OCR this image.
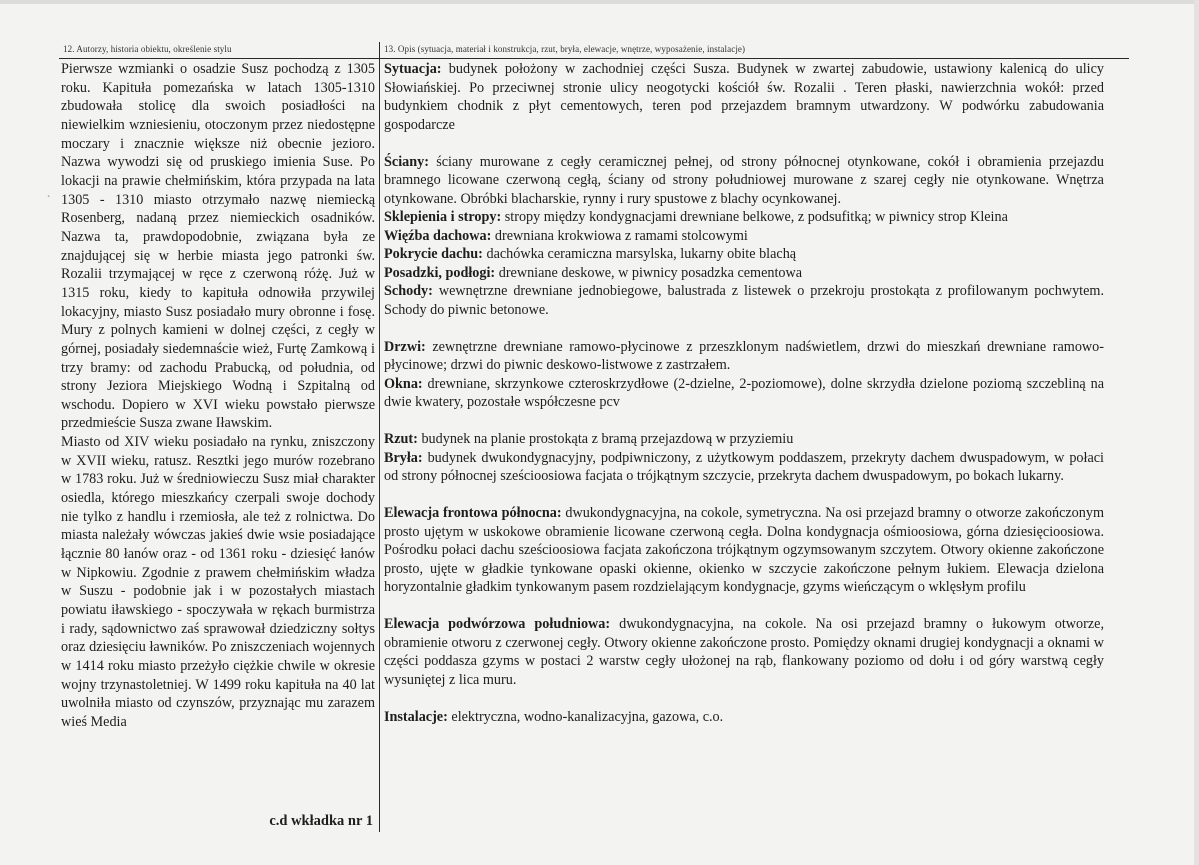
`
12. Autorzy, historia obiektu, określenie stylu	13. Opis (sytuacja, materiał i konstrukcja, rzut, bryła, elewacje, wnętrze, wyposażenie, instalacje)

Pierwsze wzmianki o osadzie Susz pochodzą z 1305 roku. Kapituła pomezańska w latach 1305-1310 zbudowała stolicę dla swoich posiadłości na niewielkim wzniesieniu, otoczonym przez niedostępne moczary i znacznie większe niż obecnie jezioro. Nazwa wywodzi się od pruskiego imienia Suse. Po lokacji na prawie chełmińskim, która przypada na lata 1305 - 1310 miasto otrzymało nazwę niemiecką Rosenberg, nadaną przez niemieckich osadników. Nazwa ta, prawdopodobnie, związana była ze znajdującej się w herbie miasta jego patronki św. Rozalii trzymającej w ręce z czerwoną różę. Już w 1315 roku, kiedy to kapituła odnowiła przywilej lokacyjny, miasto Susz posiadało mury obronne i fosę. Mury z polnych kamieni w dolnej części, z cegły w górnej, posiadały siedemnaście wież, Furtę Zamkową i trzy bramy: od zachodu Prabucką, od południa, od strony Jeziora Miejskiego Wodną i Szpitalną od wschodu. Dopiero w XVI wieku powstało pierwsze przedmieście Susza zwane Iławskim.

Miasto od XIV wieku posiadało na rynku, zniszczony w XVII wieku, ratusz. Resztki jego murów rozebrano w 1783 roku. Już w średniowieczu Susz miał charakter osiedla, którego mieszkańcy czerpali swoje dochody nie tylko z handlu i rzemiosła, ale też z rolnictwa. Do miasta należały wówczas jakieś dwie wsie posiadające łącznie 80 łanów oraz - od 1361 roku - dziesięć łanów w Nipkowiu. Zgodnie z prawem chełmińskim władza w Suszu - podobnie jak i w pozostałych miastach powiatu iławskiego - spoczywała w rękach burmistrza i rady, sądownictwo zaś sprawował dziedziczny sołtys oraz dziesięciu ławników. Po zniszczeniach wojennych w 1414 roku miasto przeżyło ciężkie chwile w okresie wojny trzynastoletniej. W 1499 roku kapituła na 40 lat uwolniła miasto od czynszów, przyznając mu zarazem wieś Media

c.d wkładka nr 1

Sytuacja: budynek położony w zachodniej części Susza. Budynek w zwartej zabudowie, ustawiony kalenicą do ulicy Słowiańskiej. Po przeciwnej stronie ulicy neogotycki kościół św. Rozalii . Teren płaski, nawierzchnia wokół: przed budynkiem chodnik z płyt cementowych, teren pod przejazdem bramnym utwardzony. W podwórku zabudowania gospodarcze

Ściany: ściany murowane z cegły ceramicznej pełnej, od strony północnej otynkowane, cokół i obramienia przejazdu bramnego licowane czerwoną cegłą, ściany od strony południowej murowane z szarej cegły nie otynkowane. Wnętrza otynkowane. Obróbki blacharskie, rynny i rury spustowe z blachy ocynkowanej.

Sklepienia i stropy: stropy między kondygnacjami drewniane belkowe, z podsufitką; w piwnicy strop Kleina

Więźba dachowa: drewniana krokwiowa z ramami stolcowymi

Pokrycie dachu: dachówka ceramiczna marsylska, lukarny obite blachą

Posadzki, podłogi: drewniane deskowe, w piwnicy posadzka cementowa

Schody: wewnętrzne drewniane jednobiegowe, balustrada z listewek o przekroju prostokąta z profilowanym pochwytem. Schody do piwnic betonowe.

Drzwi: zewnętrzne drewniane ramowo-płycinowe z przeszklonym nadświetlem, drzwi do mieszkań drewniane ramowo-płycinowe; drzwi do piwnic deskowo-listwowe z zastrzałem.

Okna: drewniane, skrzynkowe czteroskrzydłowe (2-dzielne, 2-poziomowe), dolne skrzydła dzielone poziomą szczebliną na dwie kwatery, pozostałe współczesne pcv

Rzut: budynek na planie prostokąta z bramą przejazdową w przyziemiu

Bryła: budynek dwukondygnacyjny, podpiwniczony, z użytkowym poddaszem, przekryty dachem dwuspadowym, w połaci od strony północnej sześcioosiowa facjata o trójkątnym szczycie, przekryta dachem dwuspadowym, po bokach lukarny.

Elewacja frontowa północna: dwukondygnacyjna, na cokole, symetryczna. Na osi przejazd bramny o otworze zakończonym prosto ujętym w uskokowe obramienie licowane czerwoną cegła. Dolna kondygnacja ośmioosiowa, górna dziesięcioosiowa. Pośrodku połaci dachu sześcioosiowa facjata zakończona trójkątnym ogzymsowanym szczytem. Otwory okienne zakończone prosto, ujęte w gładkie tynkowane opaski okienne, okienko w szczycie zakończone pełnym łukiem. Elewacja dzielona horyzontalnie gładkim tynkowanym pasem rozdzielającym kondygnacje, gzyms wieńczącym o wklęsłym profilu

Elewacja podwórzowa południowa: dwukondygnacyjna, na cokole. Na osi przejazd bramny o łukowym otworze, obramienie otworu z czerwonej cegły. Otwory okienne zakończone prosto. Pomiędzy oknami drugiej kondygnacji a oknami w części poddasza gzyms w postaci 2 warstw cegły ułożonej na rąb, flankowany poziomo od dołu i od góry warstwą cegły wysuniętej z lica muru.

Instalacje: elektryczna, wodno-kanalizacyjna, gazowa, c.o.
